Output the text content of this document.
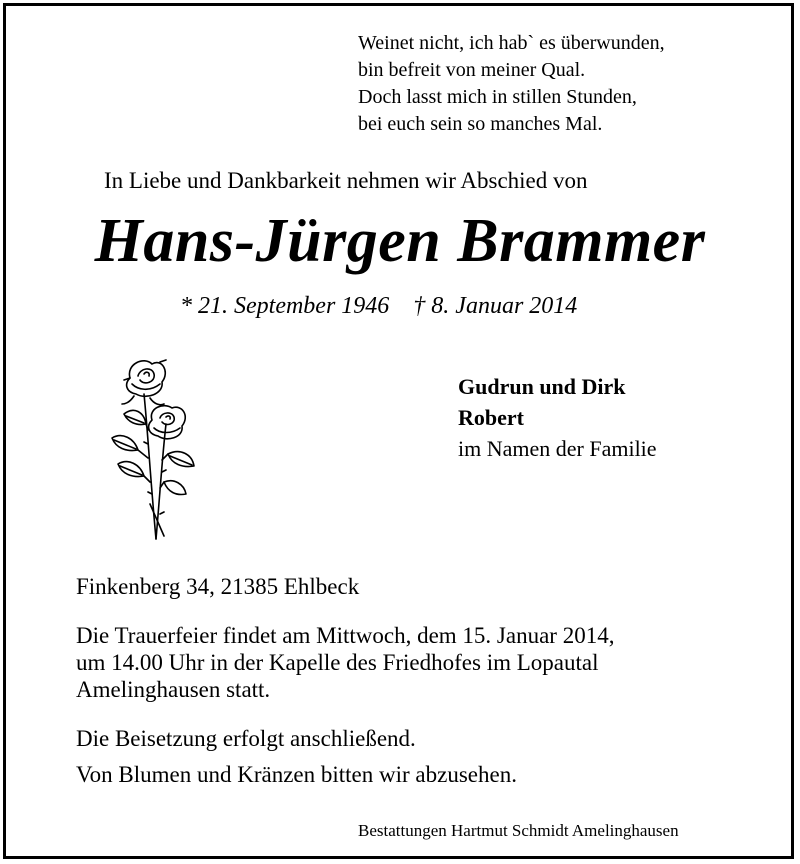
Weinet nicht, ich hab` es überwunden,
bin befreit von meiner Qual.
Doch lasst mich in stillen Stunden,
bei euch sein so manches Mal.
In Liebe und Dankbarkeit nehmen wir Abschied von
Hans-Jürgen Brammer
* 21. September 1946 † 8. Januar 2014
Gudrun und Dirk
Robert
im Namen der Familie
Finkenberg 34, 21385 Ehlbeck
Die Trauerfeier findet am Mittwoch, dem 15. Januar 2014,
um 14.00 Uhr in der Kapelle des Friedhofes im Lopautal
Amelinghausen statt.
Die Beisetzung erfolgt anschließend.
Von Blumen und Kränzen bitten wir abzusehen.
Bestattungen Hartmut Schmidt Amelinghausen
